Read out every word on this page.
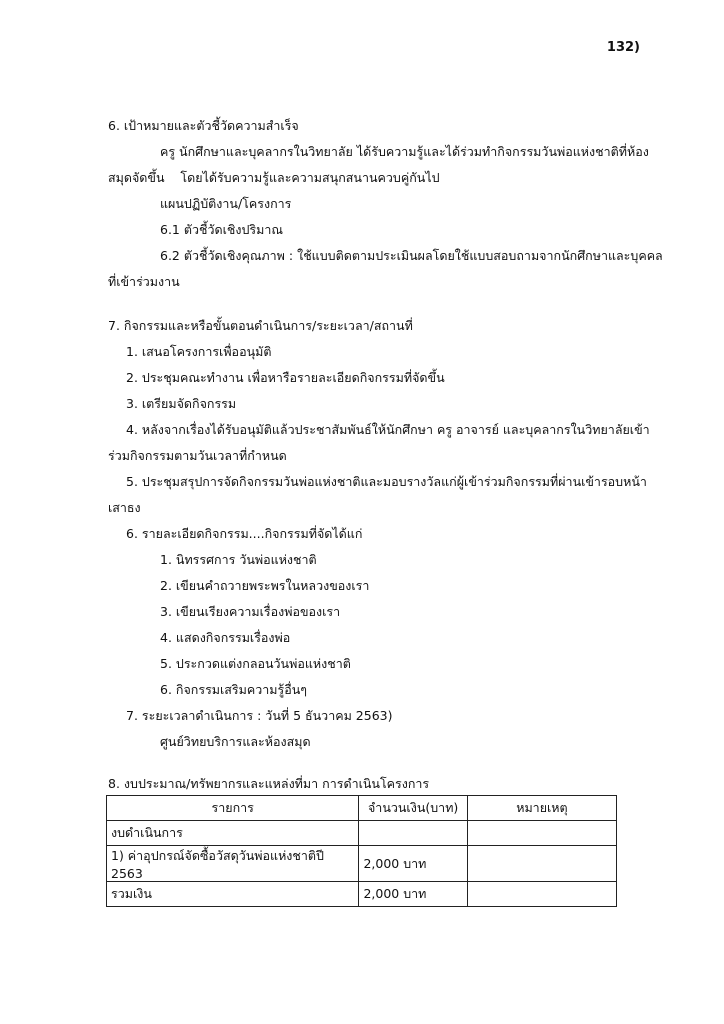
132)
6. เป้าหมายและตัวชี้วัดความสำเร็จ
ครู นักศึกษาและบุคลากรในวิทยาลัย ได้รับความรู้และได้ร่วมทำกิจกรรมวันพ่อแห่งชาติที่ห้อง
สมุดจัดขึ้น    โดยได้รับความรู้และความสนุกสนานควบคู่กันไป
แผนปฏิบัติงาน/โครงการ
6.1 ตัวชี้วัดเชิงปริมาณ
6.2 ตัวชี้วัดเชิงคุณภาพ : ใช้แบบติดตามประเมินผลโดยใช้แบบสอบถามจากนักศึกษาและบุคคล
ที่เข้าร่วมงาน
7. กิจกรรมและหรือขั้นตอนดำเนินการ/ระยะเวลา/สถานที่
1. เสนอโครงการเพื่ออนุมัติ
2. ประชุมคณะทำงาน เพื่อหารือรายละเอียดกิจกรรมที่จัดขึ้น
3. เตรียมจัดกิจกรรม
4. หลังจากเรื่องได้รับอนุมัติแล้วประชาสัมพันธ์ให้นักศึกษา ครู อาจารย์ และบุคลากรในวิทยาลัยเข้า
ร่วมกิจกรรมตามวันเวลาที่กำหนด
5. ประชุมสรุปการจัดกิจกรรมวันพ่อแห่งชาติและมอบรางวัลแก่ผู้เข้าร่วมกิจกรรมที่ผ่านเข้ารอบหน้า
เสาธง
6. รายละเอียดกิจกรรม....กิจกรรมที่จัดได้แก่
1. นิทรรศการ วันพ่อแห่งชาติ
2. เขียนคำถวายพระพรในหลวงของเรา
3. เขียนเรียงความเรื่องพ่อของเรา
4. แสดงกิจกรรมเรื่องพ่อ
5. ประกวดแต่งกลอนวันพ่อแห่งชาติ
6. กิจกรรมเสริมความรู้อื่นๆ
7. ระยะเวลาดำเนินการ : วันที่ 5 ธันวาคม 2563)
ศูนย์วิทยบริการและห้องสมุด
8. งบประมาณ/ทรัพยากรและแหล่งที่มา การดำเนินโครงการ
รายการ	จำนวนเงิน(บาท)	หมายเหตุ
งบดำเนินการ		
1) ค่าอุปกรณ์จัดซื้อวัสดุวันพ่อแห่งชาติปี 2563	2,000 บาท	
รวมเงิน	2,000 บาท	
